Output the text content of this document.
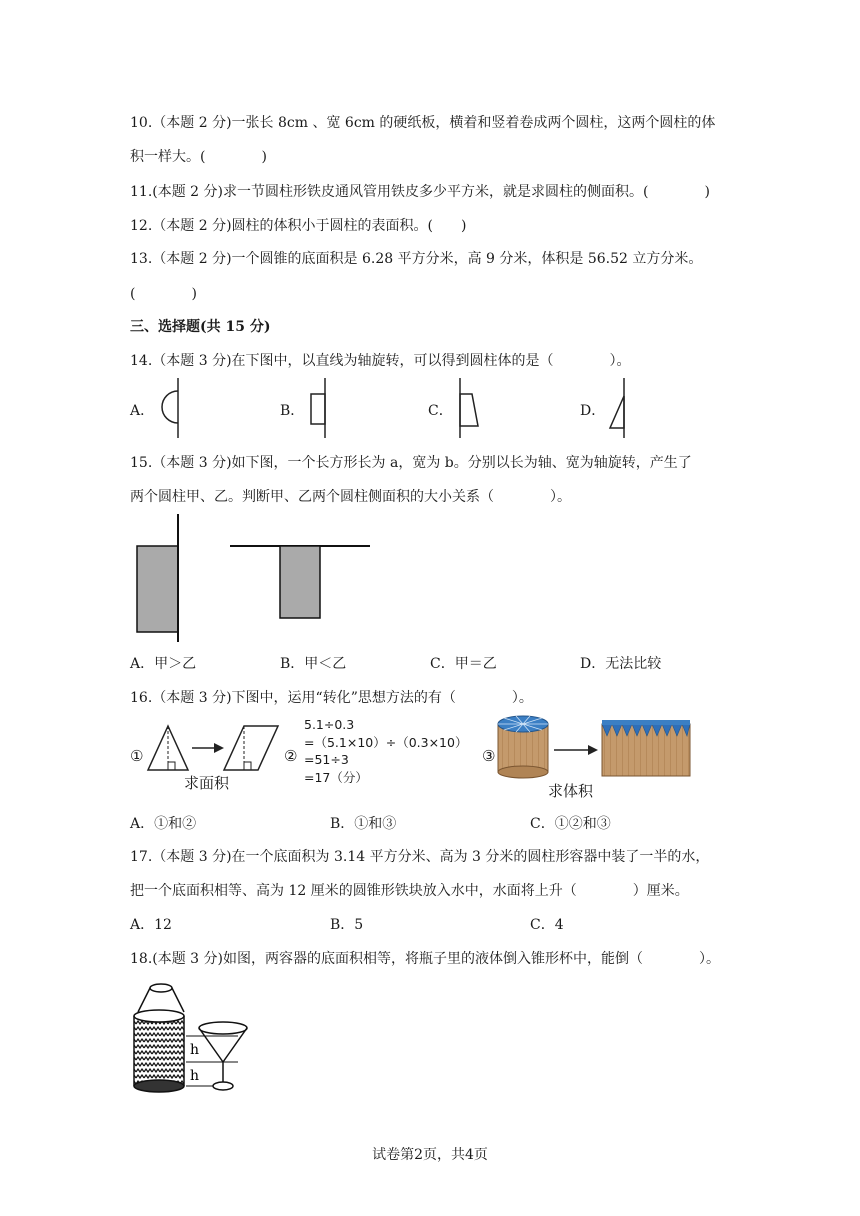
10.（本题 2 分)一张长 8cm 、宽 6cm 的硬纸板，横着和竖着卷成两个圆柱，这两个圆柱的体
积一样大。(　　　　)
11.(本题 2 分)求一节圆柱形铁皮通风管用铁皮多少平方米，就是求圆柱的侧面积。(　　　　)
12.（本题 2 分)圆柱的体积小于圆柱的表面积。(　　)
13.（本题 2 分)一个圆锥的底面积是 6.28 平方分米，高 9 分米，体积是 56.52 立方分米。
(　　　　)
三、选择题(共 15 分)
14.（本题 3 分)在下图中，以直线为轴旋转，可以得到圆柱体的是（　　　　）。
A．	B．	C．	D．
15.（本题 3 分)如下图，一个长方形长为 a，宽为 b。分别以长为轴、宽为轴旋转，产生了
两个圆柱甲、乙。判断甲、乙两个圆柱侧面积的大小关系（　　　　）。
A．甲＞乙	B．甲＜乙	C．甲＝乙	D．无法比较
16.（本题 3 分)下图中，运用“转化”思想方法的有（　　　　）。
①
求面积
②
5.1÷0.3
=（5.1×10）÷（0.3×10）
=51÷3
=17（分）
③
求体积
A．①和②	B．①和③	C．①②和③
17.（本题 3 分)在一个底面积为 3.14 平方分米、高为 3 分米的圆柱形容器中装了一半的水，
把一个底面积相等、高为 12 厘米的圆锥形铁块放入水中，水面将上升（　　　　）厘米。
A．12	B．5	C．4
18.(本题 3 分)如图，两容器的底面积相等，将瓶子里的液体倒入锥形杯中，能倒（　　　　）。
h
h
试卷第2页，共4页
